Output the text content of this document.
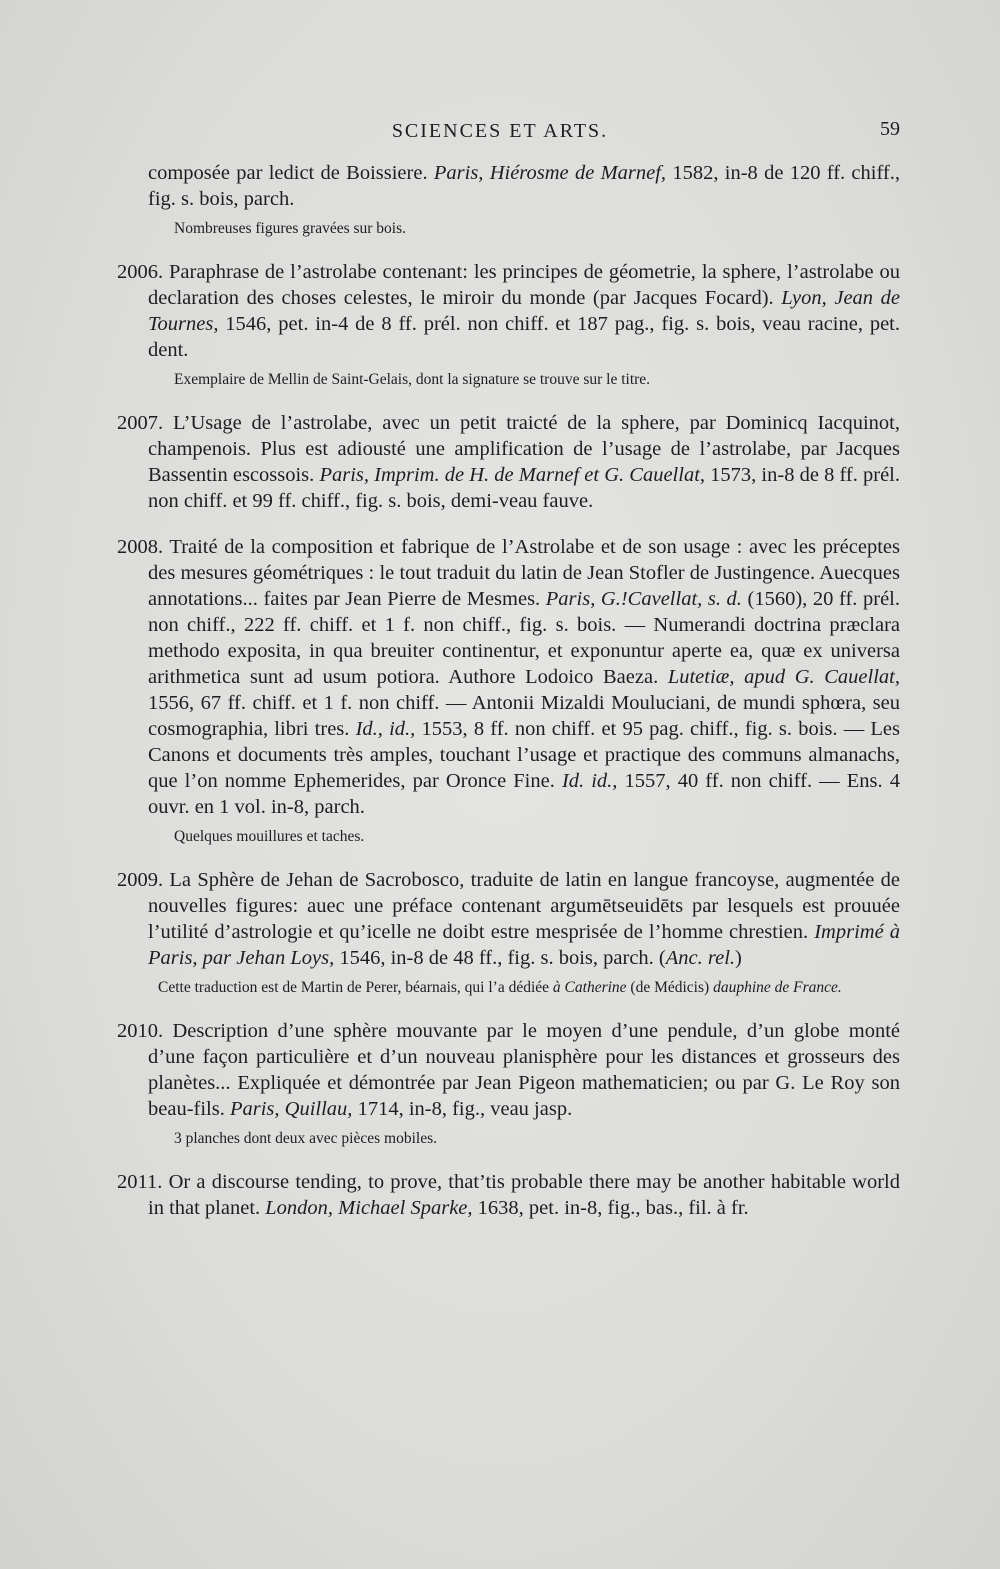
SCIENCES ET ARTS.	59

composée par ledict de Boissiere. Paris, Hiérosme de Marnef, 1582, in-8 de 120 ff. chiff., fig. s. bois, parch.

Nombreuses figures gravées sur bois.

2006. Paraphrase de l’astrolabe contenant: les principes de géometrie, la sphere, l’astrolabe ou declaration des choses celestes, le miroir du monde (par Jacques Focard). Lyon, Jean de Tournes, 1546, pet. in-4 de 8 ff. prél. non chiff. et 187 pag., fig. s. bois, veau racine, pet. dent.

Exemplaire de Mellin de Saint-Gelais, dont la signature se trouve sur le titre.

2007. L’Usage de l’astrolabe, avec un petit traicté de la sphere, par Dominicq Iacquinot, champenois. Plus est adiousté une amplification de l’usage de l’astrolabe, par Jacques Bassentin escossois. Paris, Imprim. de H. de Marnef et G. Cauellat, 1573, in-8 de 8 ff. prél. non chiff. et 99 ff. chiff., fig. s. bois, demi-veau fauve.

2008. Traité de la composition et fabrique de l’Astrolabe et de son usage : avec les préceptes des mesures géométriques : le tout traduit du latin de Jean Stofler de Justingence. Auecques annotations... faites par Jean Pierre de Mesmes. Paris, G.!Cavellat, s. d. (1560), 20 ff. prél. non chiff., 222 ff. chiff. et 1 f. non chiff., fig. s. bois. — Numerandi doctrina præclara methodo exposita, in qua breuiter continentur, et exponuntur aperte ea, quæ ex universa arithmetica sunt ad usum potiora. Authore Lodoico Baeza. Lutetiæ, apud G. Cauellat, 1556, 67 ff. chiff. et 1 f. non chiff. — Antonii Mizaldi Moulucianі, de mundi sphœra, seu cosmographia, libri tres. Id., id., 1553, 8 ff. non chiff. et 95 pag. chiff., fig. s. bois. — Les Canons et documents très amples, touchant l’usage et practique des communs almanachs, que l’on nomme Ephemerides, par Oronce Fine. Id. id., 1557, 40 ff. non chiff. — Ens. 4 ouvr. en 1 vol. in-8, parch.

Quelques mouillures et taches.

2009. La Sphère de Jehan de Sacrobosco, traduite de latin en langue francoyse, augmentée de nouvelles figures: auec une préface contenant argumētseuidēts par lesquels est prouuée l’utilité d’astrologie et qu’icelle ne doibt estre mesprisée de l’homme chrestien. Imprimé à Paris, par Jehan Loys, 1546, in-8 de 48 ff., fig. s. bois, parch. (Anc. rel.)

Cette traduction est de Martin de Perer, béarnais, qui l’a dédiée à Catherine (de Médicis) dauphine de France.

2010. Description d’une sphère mouvante par le moyen d’une pendule, d’un globe monté d’une façon particulière et d’un nouveau planisphère pour les distances et grosseurs des planètes... Expliquée et démontrée par Jean Pigeon mathematicien; ou par G. Le Roy son beau-fils. Paris, Quillau, 1714, in-8, fig., veau jasp.

3 planches dont deux avec pièces mobiles.

2011. Or a discourse tending, to prove, that’tis probable there may be another habitable world in that planet. London, Michael Sparke, 1638, pet. in-8, fig., bas., fil. à fr.
